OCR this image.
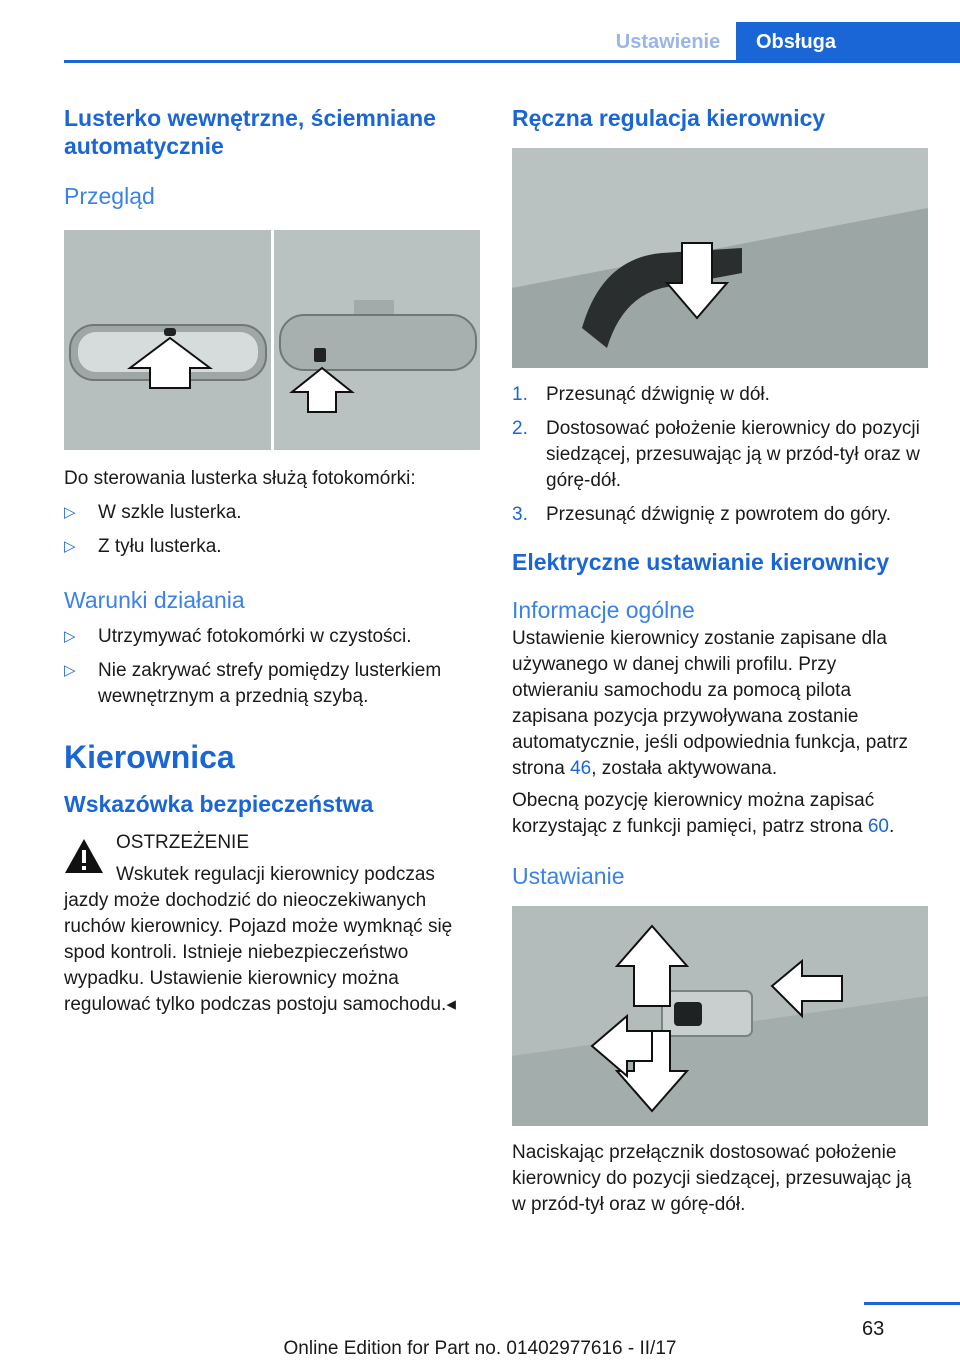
Ustawienie	Obsługa
Lusterko wewnętrzne, ściemniane automatycznie
Przegląd

Do sterowania lusterka służą fotokomórki:

▷ W szkle lusterka.
▷ Z tyłu lusterka.
Warunki działania
▷ Utrzymywać fotokomórki w czystości.
▷ Nie zakrywać strefy pomiędzy lusterkiem wewnętrznym a przednią szybą.
Kierownica
Wskazówka bezpieczeństwa

OSTRZEŻENIE

Wskutek regulacji kierownicy podczas jazdy może dochodzić do nieoczekiwanych ruchów kierownicy. Pojazd może wymknąć się spod kontroli. Istnieje niebezpieczeństwo wypadku. Ustawienie kierownicy można regulować tylko podczas postoju samochodu.◂

Ręczna regulacja kierownicy
1. Przesunąć dźwignię w dół.
2. Dostosować położenie kierownicy do pozycji siedzącej, przesuwając ją w przód-tył oraz w górę-dół.
3. Przesunąć dźwignię z powrotem do góry.
Elektryczne ustawianie kierownicy
Informacje ogólne

Ustawienie kierownicy zostanie zapisane dla używanego w danej chwili profilu. Przy otwieraniu samochodu za pomocą pilota zapisana pozycja przywoływana zostanie automatycznie, jeśli odpowiednia funkcja, patrz strona 46, została aktywowana.

Obecną pozycję kierownicy można zapisać korzystając z funkcji pamięci, patrz strona 60.

Ustawianie

Naciskając przełącznik dostosować położenie kierownicy do pozycji siedzącej, przesuwając ją w przód-tył oraz w górę-dół.

63
Online Edition for Part no. 01402977616 - II/17
